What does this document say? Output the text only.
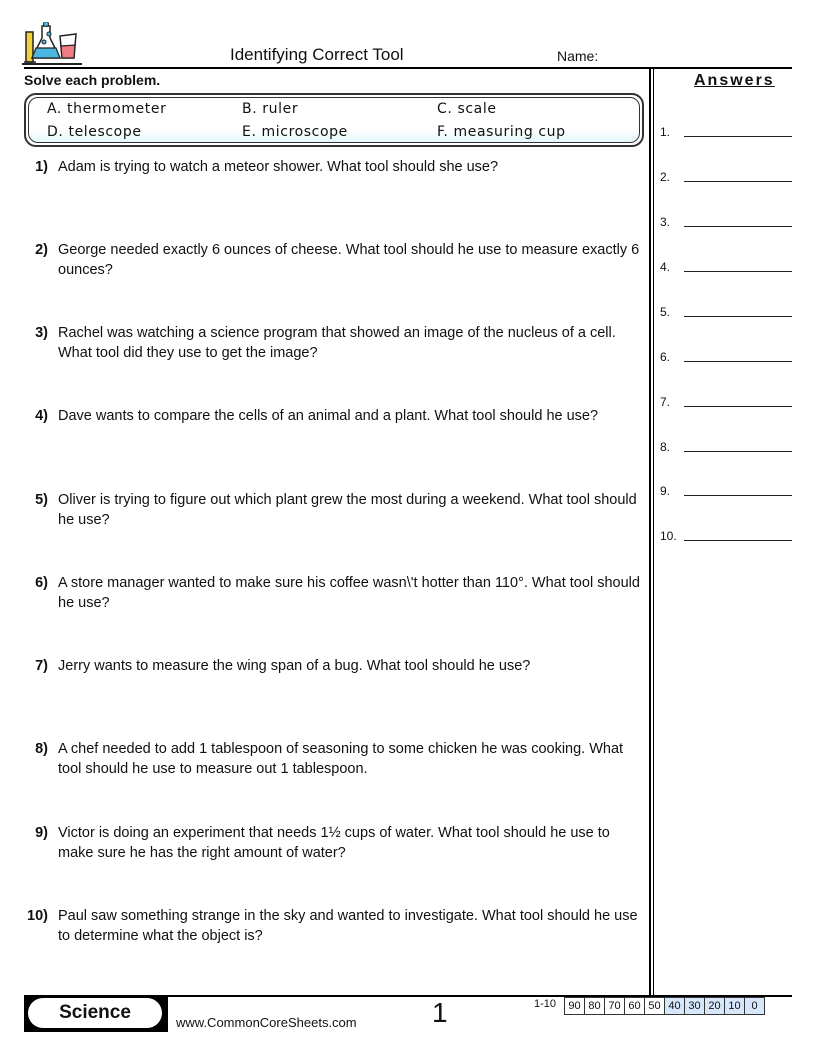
Identifying Correct Tool	Name:
Solve each problem.
A. thermometer	B. ruler	C. scale
D. telescope	E. microscope	F. measuring cup
1) Adam is trying to watch a meteor shower. What tool should she use?
2) George needed exactly 6 ounces of cheese. What tool should he use to measure exactly 6 ounces?
3) Rachel was watching a science program that showed an image of the nucleus of a cell. What tool did they use to get the image?
4) Dave wants to compare the cells of an animal and a plant. What tool should he use?
5) Oliver is trying to figure out which plant grew the most during a weekend. What tool should he use?
6) A store manager wanted to make sure his coffee wasn\'t hotter than 110°. What tool should he use?
7) Jerry wants to measure the wing span of a bug. What tool should he use?
8) A chef needed to add 1 tablespoon of seasoning to some chicken he was cooking. What tool should he use to measure out 1 tablespoon.
9) Victor is doing an experiment that needs 1½ cups of water. What tool should he use to make sure he has the right amount of water?
10) Paul saw something strange in the sky and wanted to investigate. What tool should he use to determine what the object is?
Answers
1.
2.
3.
4.
5.
6.
7.
8.
9.
10.
Science	www.CommonCoreSheets.com	1	1-10	90 80 70 60 50 40 30 20 10 0
